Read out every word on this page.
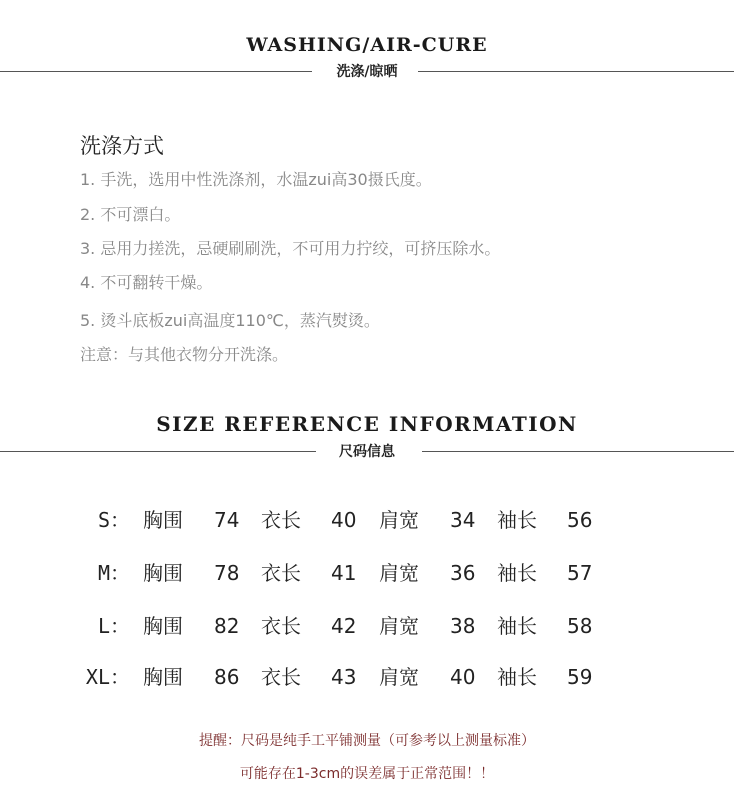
WASHING/AIR-CURE
洗涤/晾晒
洗涤方式
1. 手洗，选用中性洗涤剂，水温zui高30摄氏度。
2. 不可漂白。
3. 忌用力搓洗，忌硬刷刷洗，不可用力拧绞，可挤压除水。
4. 不可翻转干燥。
5. 烫斗底板zui高温度110℃，蒸汽熨烫。
注意：与其他衣物分开洗涤。
SIZE REFERENCE INFORMATION
尺码信息
S： 胸围 74 衣长 40 肩宽 34 袖长 56
M： 胸围 78 衣长 41 肩宽 36 袖长 57
L： 胸围 82 衣长 42 肩宽 38 袖长 58
XL： 胸围 86 衣长 43 肩宽 40 袖长 59
提醒：尺码是纯手工平铺测量（可参考以上测量标准）
可能存在1-3cm的误差属于正常范围！！
